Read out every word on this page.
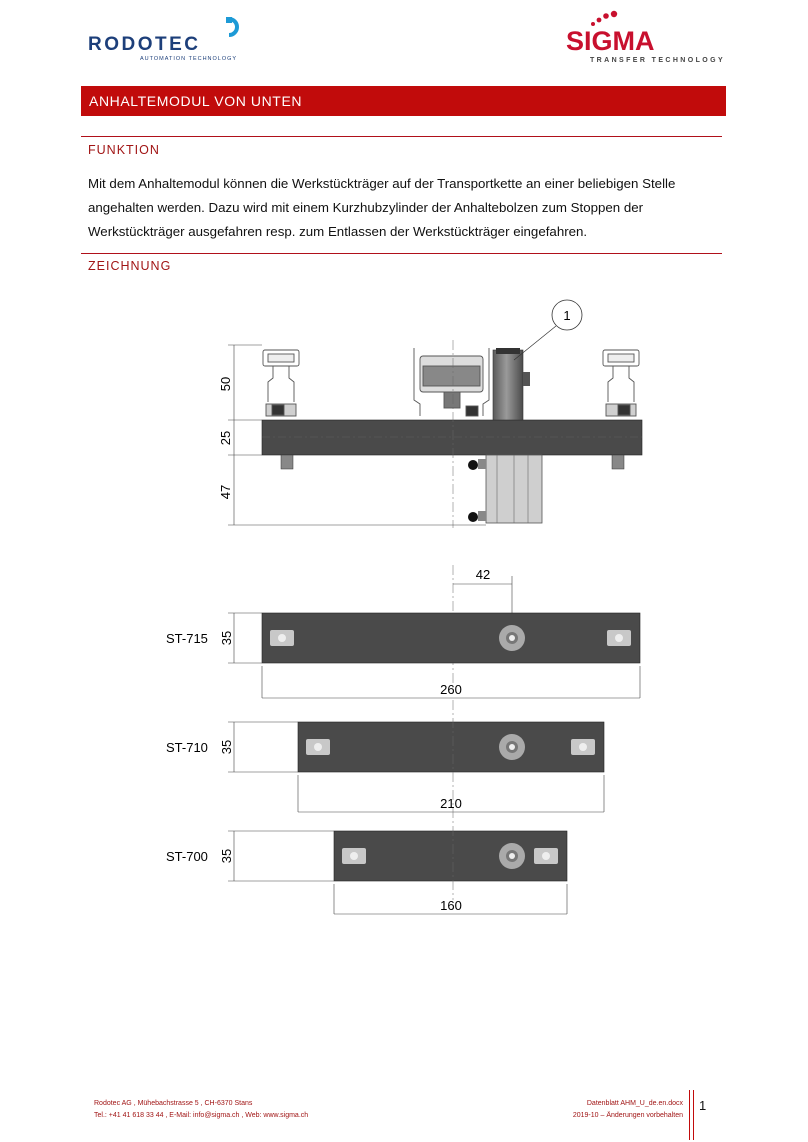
RODOTEC
AUTOMATION TECHNOLOGY
SIGMA
TRANSFER TECHNOLOGY
ANHALTEMODUL VON UNTEN
FUNKTION
Mit dem Anhaltemodul können die Werkstückträger auf der Transportkette an einer beliebigen Stelle angehalten werden. Dazu wird mit einem Kurzhubzylinder der Anhaltebolzen zum Stoppen der Werkstückträger ausgefahren resp. zum Entlassen der Werkstückträger eingefahren.
ZEICHNUNG
50
25
47
1
42
ST-715 35
260
ST-710 35
210
ST-700 35
160
Rodotec AG , Mühebachstrasse 5 , CH-6370 Stans
Tel.: +41 41 618 33 44 , E-Mail: info@sigma.ch , Web: www.sigma.ch
Datenblatt AHM_U_de.en.docx
2019-10 – Änderungen vorbehalten
1
